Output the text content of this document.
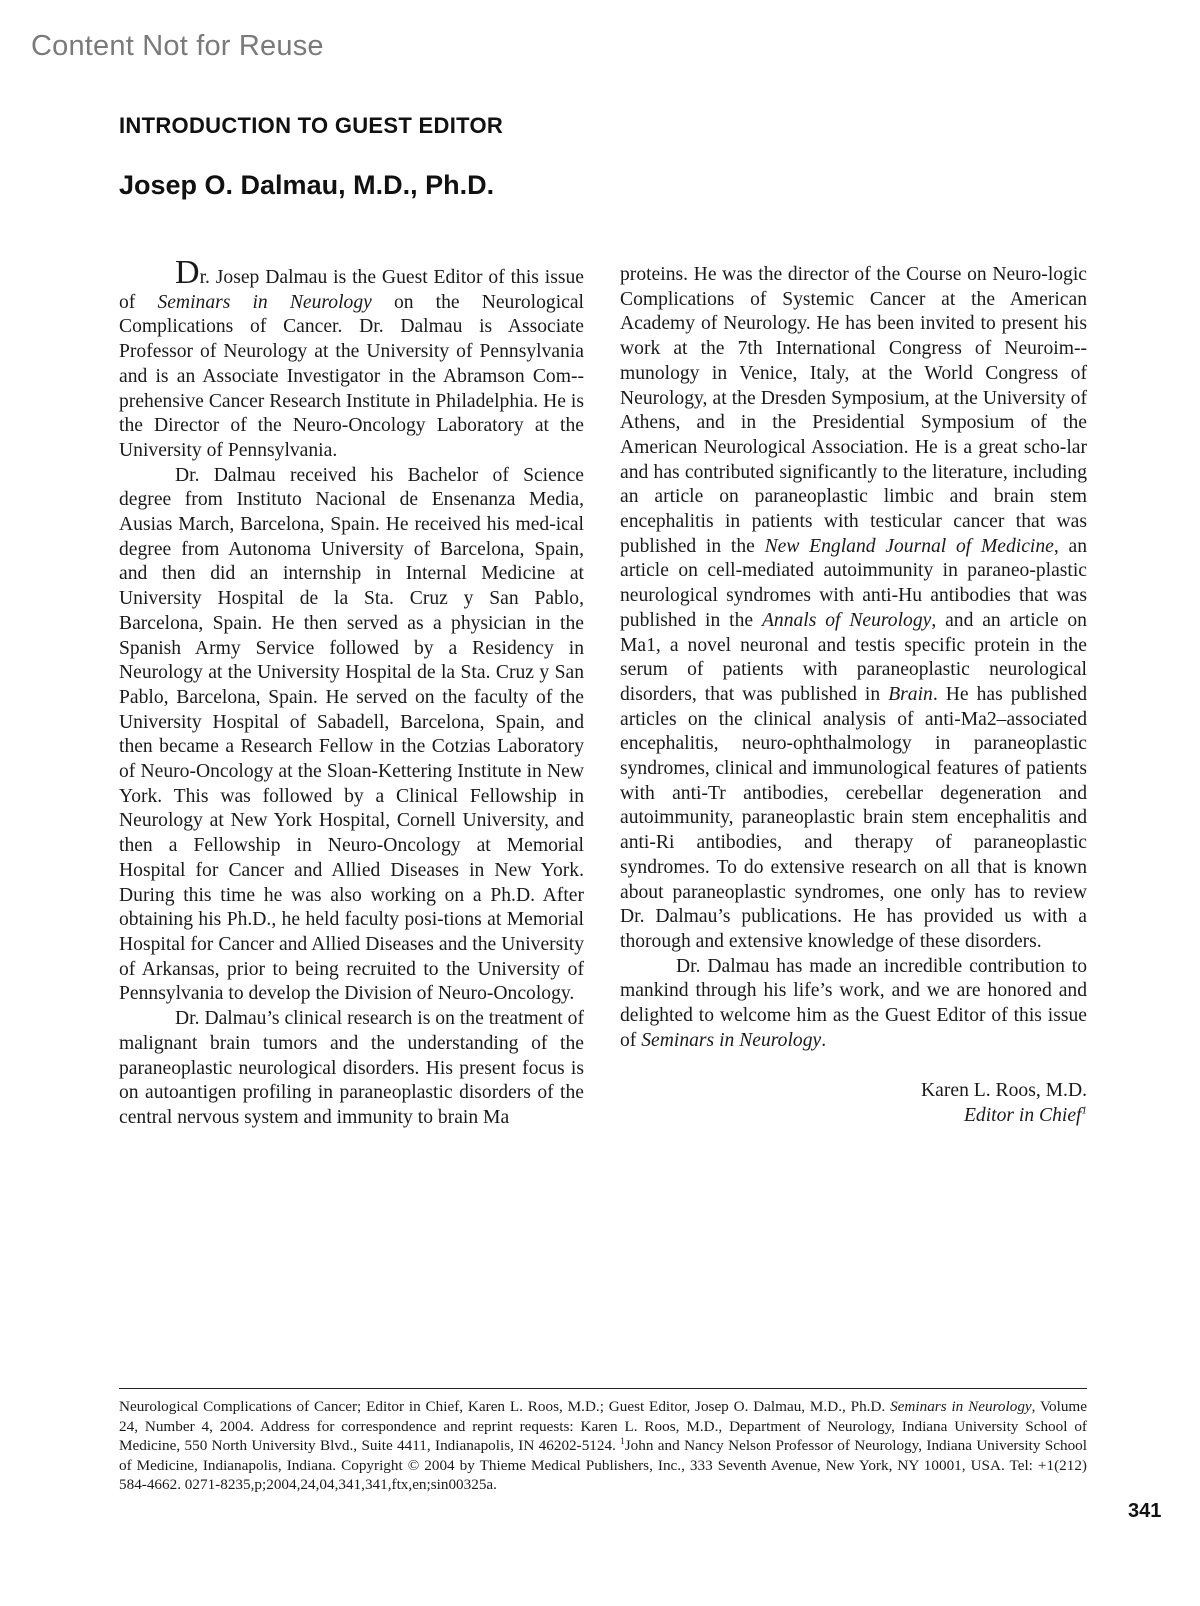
Content Not for Reuse
INTRODUCTION TO GUEST EDITOR
Josep O. Dalmau, M.D., Ph.D.

Dr. Josep Dalmau is the Guest Editor of this issue of Seminars in Neurology on the Neurological Complications of Cancer. Dr. Dalmau is Associate Professor of Neurology at the University of Pennsylvania and is an Associate Investigator in the Abramson Com-prehensive Cancer Research Institute in Philadelphia. He is the Director of the Neuro-Oncology Laboratory at the University of Pennsylvania.

Dr. Dalmau received his Bachelor of Science degree from Instituto Nacional de Ensenanza Media, Ausias March, Barcelona, Spain. He received his med-ical degree from Autonoma University of Barcelona, Spain, and then did an internship in Internal Medicine at University Hospital de la Sta. Cruz y San Pablo, Barcelona, Spain. He then served as a physician in the Spanish Army Service followed by a Residency in Neurology at the University Hospital de la Sta. Cruz y San Pablo, Barcelona, Spain. He served on the faculty of the University Hospital of Sabadell, Barcelona, Spain, and then became a Research Fellow in the Cotzias Laboratory of Neuro-Oncology at the Sloan-Kettering Institute in New York. This was followed by a Clinical Fellowship in Neurology at New York Hospital, Cornell University, and then a Fellowship in Neuro-Oncology at Memorial Hospital for Cancer and Allied Diseases in New York. During this time he was also working on a Ph.D. After obtaining his Ph.D., he held faculty posi-tions at Memorial Hospital for Cancer and Allied Diseases and the University of Arkansas, prior to being recruited to the University of Pennsylvania to develop the Division of Neuro-Oncology.

Dr. Dalmau’s clinical research is on the treatment of malignant brain tumors and the understanding of the paraneoplastic neurological disorders. His present focus is on autoantigen profiling in paraneoplastic disorders of the central nervous system and immunity to brain Ma

proteins. He was the director of the Course on Neuro-logic Complications of Systemic Cancer at the American Academy of Neurology. He has been invited to present his work at the 7th International Congress of Neuroim-munology in Venice, Italy, at the World Congress of Neurology, at the Dresden Symposium, at the University of Athens, and in the Presidential Symposium of the American Neurological Association. He is a great scho-lar and has contributed significantly to the literature, including an article on paraneoplastic limbic and brain stem encephalitis in patients with testicular cancer that was published in the New England Journal of Medicine, an article on cell-mediated autoimmunity in paraneo-plastic neurological syndromes with anti-Hu antibodies that was published in the Annals of Neurology, and an article on Ma1, a novel neuronal and testis specific protein in the serum of patients with paraneoplastic neurological disorders, that was published in Brain. He has published articles on the clinical analysis of anti-Ma2–associated encephalitis, neuro-ophthalmology in paraneoplastic syndromes, clinical and immunological features of patients with anti-Tr antibodies, cerebellar degeneration and autoimmunity, paraneoplastic brain stem encephalitis and anti-Ri antibodies, and therapy of paraneoplastic syndromes. To do extensive research on all that is known about paraneoplastic syndromes, one only has to review Dr. Dalmau’s publications. He has provided us with a thorough and extensive knowledge of these disorders.

Dr. Dalmau has made an incredible contribution to mankind through his life’s work, and we are honored and delighted to welcome him as the Guest Editor of this issue of Seminars in Neurology.

Karen L. Roos, M.D.
Editor in Chief$^1$
Neurological Complications of Cancer; Editor in Chief, Karen L. Roos, M.D.; Guest Editor, Josep O. Dalmau, M.D., Ph.D. Seminars in Neurology, Volume 24, Number 4, 2004. Address for correspondence and reprint requests: Karen L. Roos, M.D., Department of Neurology, Indiana University School of Medicine, 550 North University Blvd., Suite 4411, Indianapolis, IN 46202-5124. $^1$John and Nancy Nelson Professor of Neurology, Indiana University School of Medicine, Indianapolis, Indiana. Copyright © 2004 by Thieme Medical Publishers, Inc., 333 Seventh Avenue, New York, NY 10001, USA. Tel: +1(212) 584-4662. 0271-8235,p;2004,24,04,341,341,ftx,en;sin00325a.
341
